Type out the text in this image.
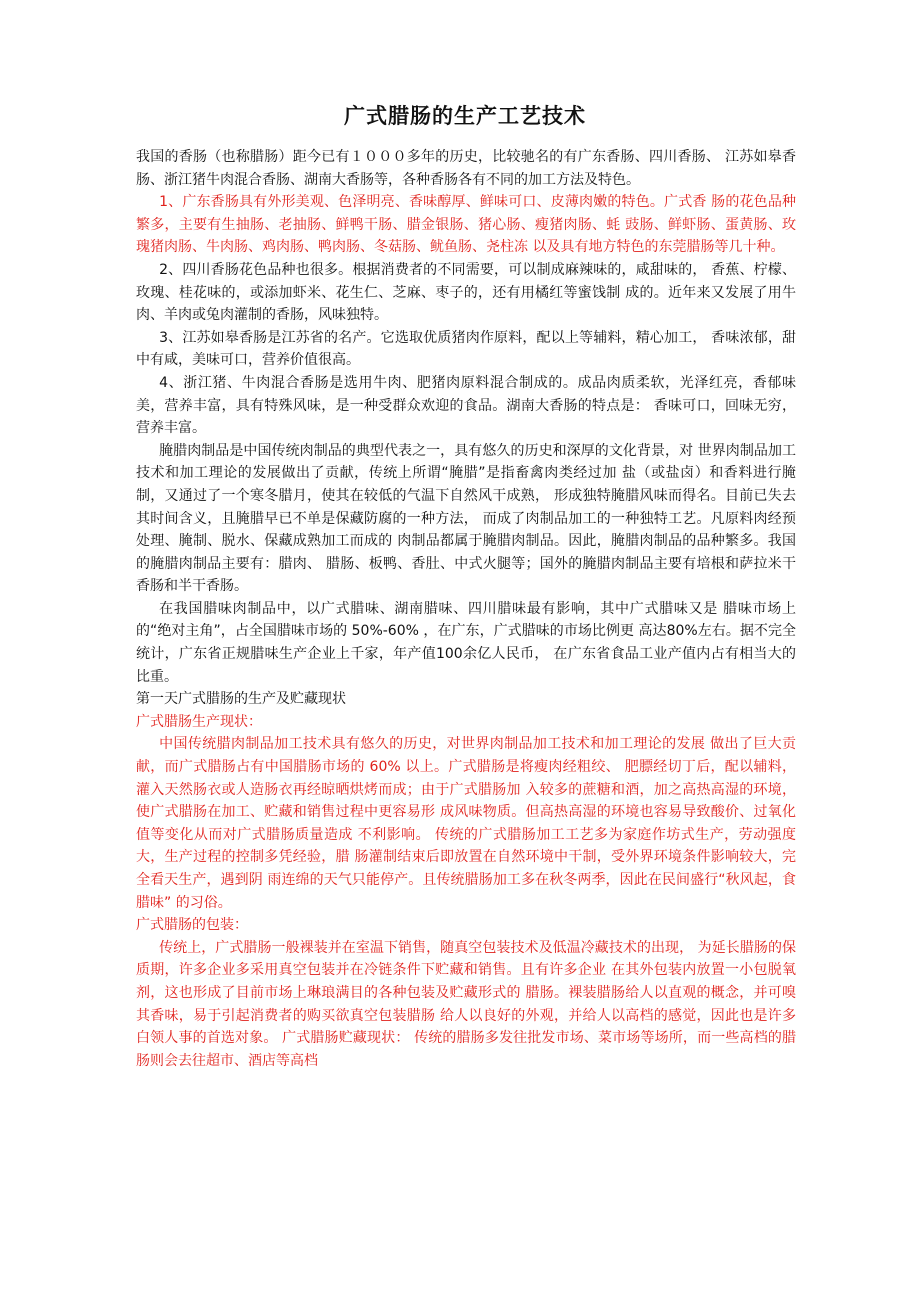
广式腊肠的生产工艺技术

我国的香肠（也称腊肠）距今已有１０００多年的历史，比较驰名的有广东香肠、四川香肠、 江苏如皋香肠、浙江猪牛肉混合香肠、湖南大香肠等，各种香肠各有不同的加工方法及特色。

1、广东香肠具有外形美观、色泽明亮、香味醇厚、鲜味可口、皮薄肉嫩的特色。广式香 肠的花色品种繁多，主要有生抽肠、老抽肠、鲜鸭干肠、腊金银肠、猪心肠、瘦猪肉肠、蚝 豉肠、鲜虾肠、蛋黄肠、玫瑰猪肉肠、牛肉肠、鸡肉肠、鸭肉肠、冬菇肠、鱿鱼肠、尧柱冻 以及具有地方特色的东莞腊肠等几十种。

2、四川香肠花色品种也很多。根据消费者的不同需要，可以制成麻辣味的，咸甜味的， 香蕉、柠檬、玫瑰、桂花味的，或添加虾米、花生仁、芝麻、枣子的，还有用橘红等蜜饯制 成的。近年来又发展了用牛肉、羊肉或兔肉灌制的香肠，风味独特。

3、江苏如皋香肠是江苏省的名产。它选取优质猪肉作原料，配以上等辅料，精心加工， 香味浓郁，甜中有咸，美味可口，营养价值很高。

4、浙江猪、牛肉混合香肠是选用牛肉、肥猪肉原料混合制成的。成品肉质柔软，光泽红亮，香郁味美，营养丰富，具有特殊风味，是一种受群众欢迎的食品。湖南大香肠的特点是： 香味可口，回味无穷，营养丰富。

腌腊肉制品是中国传统肉制品的典型代表之一，具有悠久的历史和深厚的文化背景，对 世界肉制品加工技术和加工理论的发展做出了贡献，传统上所谓“腌腊”是指畜禽肉类经过加 盐（或盐卤）和香料进行腌制，又通过了一个寒冬腊月，使其在较低的气温下自然风干成熟， 形成独特腌腊风味而得名。目前已失去其时间含义，且腌腊早已不单是保藏防腐的一种方法， 而成了肉制品加工的一种独特工艺。凡原料肉经预处理、腌制、脱水、保藏成熟加工而成的 肉制品都属于腌腊肉制品。因此，腌腊肉制品的品种繁多。我国的腌腊肉制品主要有：腊肉、 腊肠、板鸭、香肚、中式火腿等；国外的腌腊肉制品主要有培根和萨拉米干香肠和半干香肠。

在我国腊味肉制品中，以广式腊味、湖南腊味、四川腊味最有影响，其中广式腊味又是 腊味市场上的“绝对主角”，占全国腊味市场的 50%-60% ，在广东，广式腊味的市场比例更 高达80%左右。据不完全统计，广东省正规腊味生产企业上千家，年产值100余亿人民币， 在广东省食品工业产值内占有相当大的比重。

第一天广式腊肠的生产及贮藏现状

广式腊肠生产现状：

中国传统腊肉制品加工技术具有悠久的历史，对世界肉制品加工技术和加工理论的发展 做出了巨大贡献，而广式腊肠占有中国腊肠市场的 60% 以上。广式腊肠是将瘦肉经粗绞、 肥膘经切丁后，配以辅料， 灌入天然肠衣或人造肠衣再经晾晒烘烤而成；由于广式腊肠加 入较多的蔗糖和酒，加之高热高湿的环境，使广式腊肠在加工、贮藏和销售过程中更容易形 成风味物质。但高热高湿的环境也容易导致酸价、过氧化值等变化从而对广式腊肠质量造成 不利影响。 传统的广式腊肠加工工艺多为家庭作坊式生产，劳动强度大，生产过程的控制多凭经验，腊 肠灌制结束后即放置在自然环境中干制，受外界环境条件影响较大，完全看天生产，遇到阴 雨连绵的天气只能停产。且传统腊肠加工多在秋冬两季，因此在民间盛行“秋风起，食腊味” 的习俗。

广式腊肠的包装：

传统上，广式腊肠一般裸装并在室温下销售，随真空包装技术及低温冷藏技术的出现， 为延长腊肠的保质期，许多企业多采用真空包装并在冷链条件下贮藏和销售。且有许多企业 在其外包装内放置一小包脱氧剂，这也形成了目前市场上琳琅满目的各种包装及贮藏形式的 腊肠。裸装腊肠给人以直观的概念，并可嗅其香味，易于引起消费者的购买欲真空包装腊肠 给人以良好的外观，并给人以高档的感觉，因此也是许多白领人事的首选对象。 广式腊肠贮藏现状： 传统的腊肠多发往批发市场、菜市场等场所，而一些高档的腊肠则会去往超市、酒店等高档
